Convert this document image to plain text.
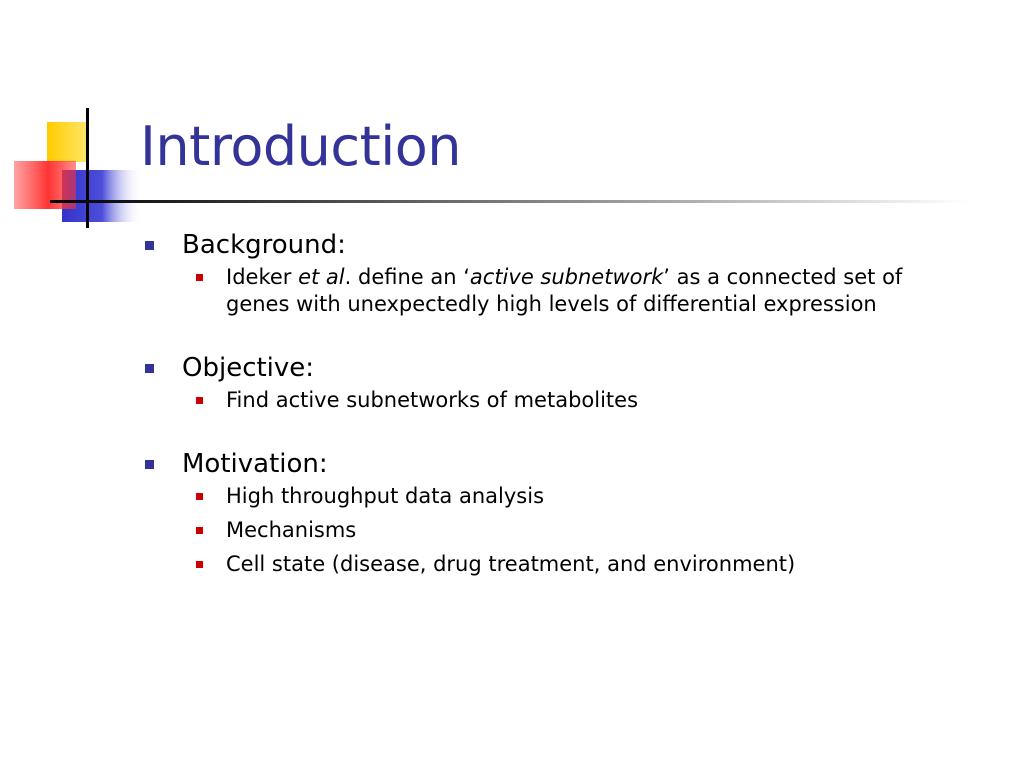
Introduction
Background:
Ideker et al. define an ‘active subnetwork’ as a connected set of genes with unexpectedly high levels of differential expression
Objective:
Find active subnetworks of metabolites
Motivation:
High throughput data analysis
Mechanisms
Cell state (disease, drug treatment, and environment)
